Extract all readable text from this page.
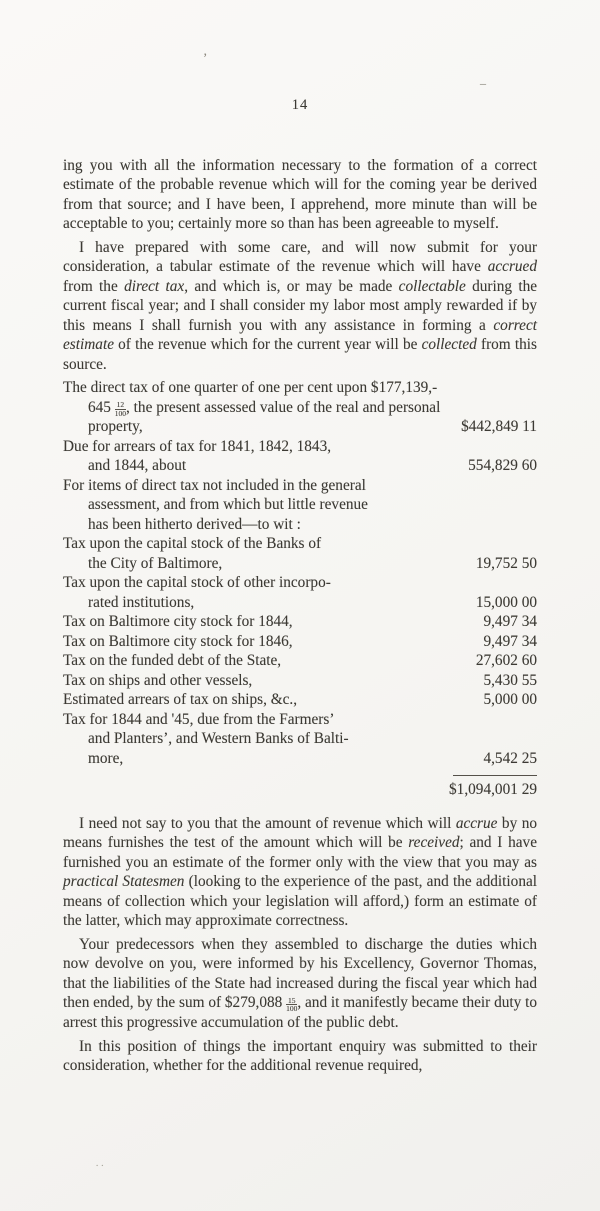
’
–
..
14

ing you with all the information necessary to the formation of a correct estimate of the probable revenue which will for the coming year be derived from that source; and I have been, I apprehend, more minute than will be acceptable to you; certainly more so than has been agreeable to myself.

I have prepared with some care, and will now submit for your consideration, a tabular estimate of the revenue which will have accrued from the direct tax, and which is, or may be made collectable during the current fiscal year; and I shall consider my labor most amply rewarded if by this means I shall furnish you with any assistance in forming a correct estimate of the revenue which for the current year will be collected from this source.

The direct tax of one quarter of one per cent upon $177,139,-
$645 \frac{12}{100}$ , the present assessed value of the real and personal
property,	$442,849 11
Due for arrears of tax for 1841, 1842, 1843,
and 1844, about	554,829 60
For items of direct tax not included in the general
assessment, and from which but little revenue
has been hitherto derived—to wit :
Tax upon the capital stock of the Banks of
the City of Baltimore,	19,752 50
Tax upon the capital stock of other incorpo-
rated institutions,	15,000 00
Tax on Baltimore city stock for 1844,	9,497 34
Tax on Baltimore city stock for 1846,	9,497 34
Tax on the funded debt of the State,	27,602 60
Tax on ships and other vessels,	5,430 55
Estimated arrears of tax on ships, &c.,	5,000 00
Tax for 1844 and '45, due from the Farmers’
and Planters’, and Western Banks of Balti-
more,	4,542 25
$1,094,001 29

I need not say to you that the amount of revenue which will accrue by no means furnishes the test of the amount which will be received; and I have furnished you an estimate of the former only with the view that you may as practical Statesmen (looking to the experience of the past, and the additional means of collection which your legislation will afford,) form an estimate of the latter, which may approximate correctness.

Your predecessors when they assembled to discharge the duties which now devolve on you, were informed by his Excellency, Governor Thomas, that the liabilities of the State had increased during the fiscal year which had then ended, by the sum of $279,088 $\frac{15}{100}$ , and it manifestly became their duty to arrest this progressive accumulation of the public debt.

In this position of things the important enquiry was submitted to their consideration, whether for the additional revenue required,
